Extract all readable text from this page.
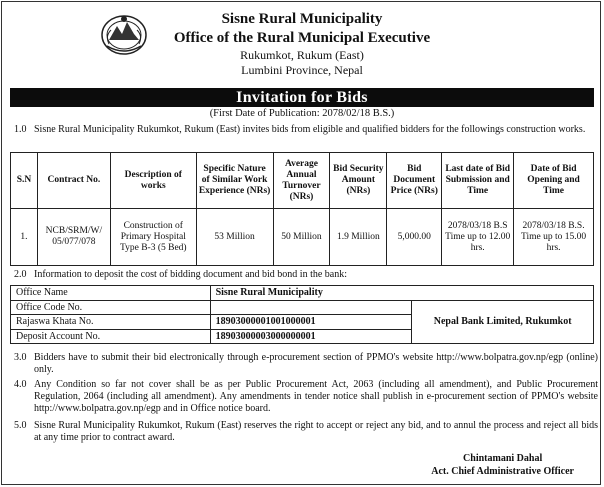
Sisne Rural Municipality
Office of the Rural Municipal Executive
Rukumkot, Rukum (East)
Lumbini Province, Nepal
Invitation for Bids
(First Date of Publication: 2078/02/18 B.S.)
1.0 Sisne Rural Municipality Rukumkot, Rukum (East) invites bids from eligible and qualified bidders for the followings construction works.
S.N	Contract No.	Description of works	Specific Nature of Similar Work Experience (NRs)	Average Annual Turnover (NRs)	Bid Security Amount (NRs)	Bid Document Price (NRs)	Last date of Bid Submission and Time	Date of Bid Opening and Time
1.	NCB/SRM/W/ 05/077/078	Construction of Primary Hospital Type B-3 (5 Bed)	53 Million	50 Million	1.9 Million	5,000.00	2078/03/18 B.S Time up to 12.00 hrs.	2078/03/18 B.S. Time up to 15.00 hrs.
2.0 Information to deposit the cost of bidding document and bid bond in the bank:
Office Name	Sisne Rural Municipality	
Office Code No.		Nepal Bank Limited, Rukumkot
Rajaswa Khata No.	18903000001001000001	
Deposit Account No.	18903000003000000001	
3.0 Bidders have to submit their bid electronically through e-procurement section of PPMO's website http://www.bolpatra.gov.np/egp (online) only.
4.0 Any Condition so far not cover shall be as per Public Procurement Act, 2063 (including all amendment), and Public Procurement Regulation, 2064 (including all amendment). Any amendments in tender notice shall publish in e-procurement section of PPMO's website http://www.bolpatra.gov.np/egp and in Office notice board.
5.0 Sisne Rural Municipality Rukumkot, Rukum (East) reserves the right to accept or reject any bid, and to annul the process and reject all bids at any time prior to contract award.
Chintamani Dahal
Act. Chief Administrative Officer
